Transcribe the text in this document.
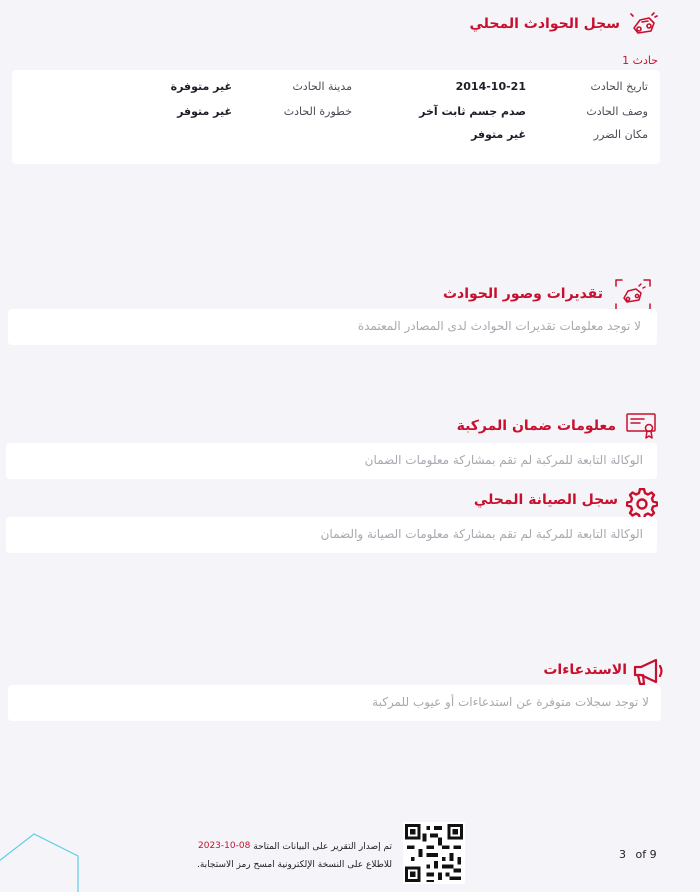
سجل الحوادث المحلي
حادث 1
تاريخ الحادث
2014-10-21
مدينة الحادث
غير متوفرة
وصف الحادث
صدم جسم ثابت آخر
خطورة الحادث
غير متوفر
مكان الضرر
غير متوفر
تقديرات وصور الحوادث
لا توجد معلومات تقديرات الحوادث لدى المصادر المعتمدة
معلومات ضمان المركبة
الوكالة التابعة للمركبة لم تقم بمشاركة معلومات الضمان
سجل الصيانة المحلي
الوكالة التابعة للمركبة لم تقم بمشاركة معلومات الصيانة والضمان
الاستدعاءات
لا توجد سجلات متوفرة عن استدعاءات أو عيوب للمركبة
تم إصدار التقرير على البيانات المتاحة
2023-10-08
للاطلاع على النسخة الإلكترونية امسح رمز الاستجابة.
3 of 9
